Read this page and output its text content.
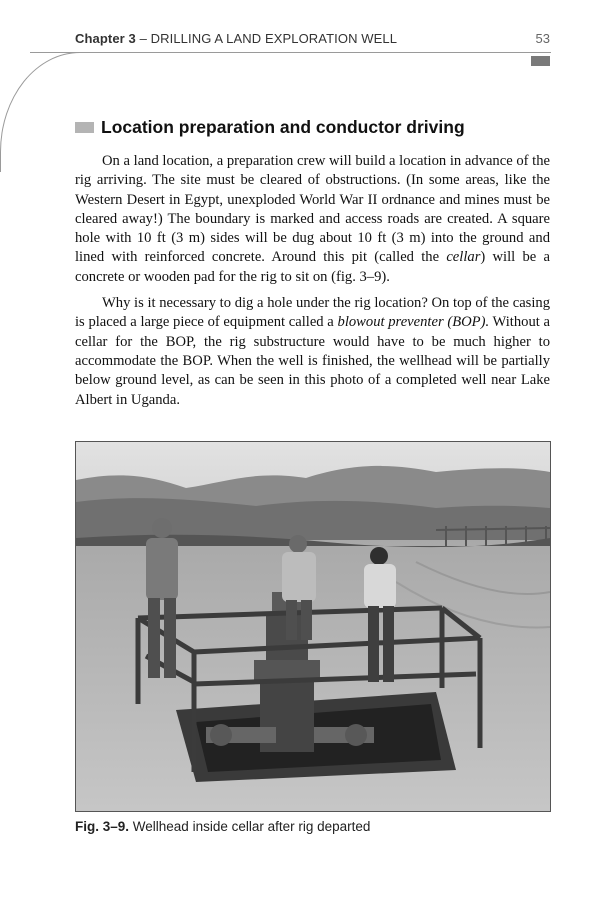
Chapter 3 – DRILLING A LAND EXPLORATION WELL	53
Location preparation and conductor driving

On a land location, a preparation crew will build a location in advance of the rig arriving. The site must be cleared of obstructions. (In some areas, like the Western Desert in Egypt, unexploded World War II ordnance and mines must be cleared away!) The boundary is marked and access roads are created. A square hole with 10 ft (3 m) sides will be dug about 10 ft (3 m) into the ground and lined with reinforced concrete. Around this pit (called the cellar) will be a concrete or wooden pad for the rig to sit on (fig. 3–9).

Why is it necessary to dig a hole under the rig location? On top of the casing is placed a large piece of equipment called a blowout preventer (BOP). Without a cellar for the BOP, the rig substructure would have to be much higher to accommodate the BOP. When the well is finished, the wellhead will be partially below ground level, as can be seen in this photo of a completed well near Lake Albert in Uganda.

Fig. 3–9. Wellhead inside cellar after rig departed
